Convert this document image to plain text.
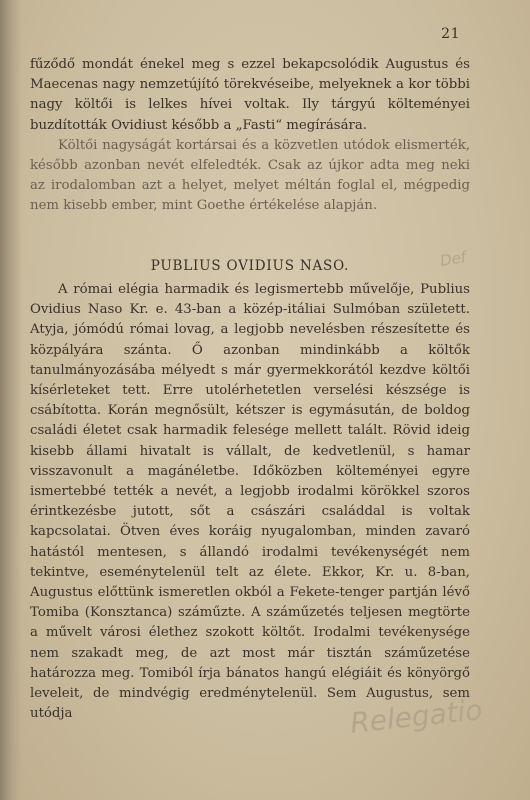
21

fűződő mondát énekel meg s ezzel bekapcsolódik Augustus és Maecenas nagy nemzetújító törekvéseibe, melyeknek a kor többi nagy költői is lelkes hívei voltak. Ily tárgyú költeményei buzdították Ovidiust később a „Fasti“ megírására.

Költői nagyságát kortársai és a közvetlen utódok elismerték, később azonban nevét elfeledték. Csak az újkor adta meg neki az irodalomban azt a helyet, melyet méltán foglal el, mégpedig nem kisebb ember, mint Goethe értékelése alapján.

PUBLIUS OVIDIUS NASO.

A római elégia harmadik és legismertebb művelője, Publius Ovidius Naso Kr. e. 43-ban a közép-itáliai Sulmóban született. Atyja, jómódú római lovag, a legjobb nevelésben részesítette és közpályára szánta. Ő azonban mindinkább a költők tanulmányozásába mélyedt s már gyermekkorától kezdve költői kísérleteket tett. Erre utolérhetetlen verselési készsége is csábította. Korán megnősült, kétszer is egymásután, de boldog családi életet csak harmadik felesége mellett talált. Rövid ideig kisebb állami hivatalt is vállalt, de kedvetlenül, s hamar visszavonult a magánéletbe. Időközben költeményei egyre ismertebbé tették a nevét, a legjobb irodalmi körökkel szoros érintkezésbe jutott, sőt a császári családdal is voltak kapcsolatai. Ötven éves koráig nyugalomban, minden zavaró hatástól mentesen, s állandó irodalmi tevékenységét nem tekintve, eseménytelenül telt az élete. Ekkor, Kr. u. 8-ban, Augustus előttünk ismeretlen okból a Fekete-tenger partján lévő Tomiba (Konsztanca) száműzte. A száműzetés teljesen megtörte a művelt városi élethez szokott költőt. Irodalmi tevékenysége nem szakadt meg, de azt most már tisztán száműzetése határozza meg. Tomiból írja bánatos hangú elégiáit és könyörgő leveleit, de mindvégig eredménytelenül. Sem Augustus, sem utódja

Def
Relegatio
